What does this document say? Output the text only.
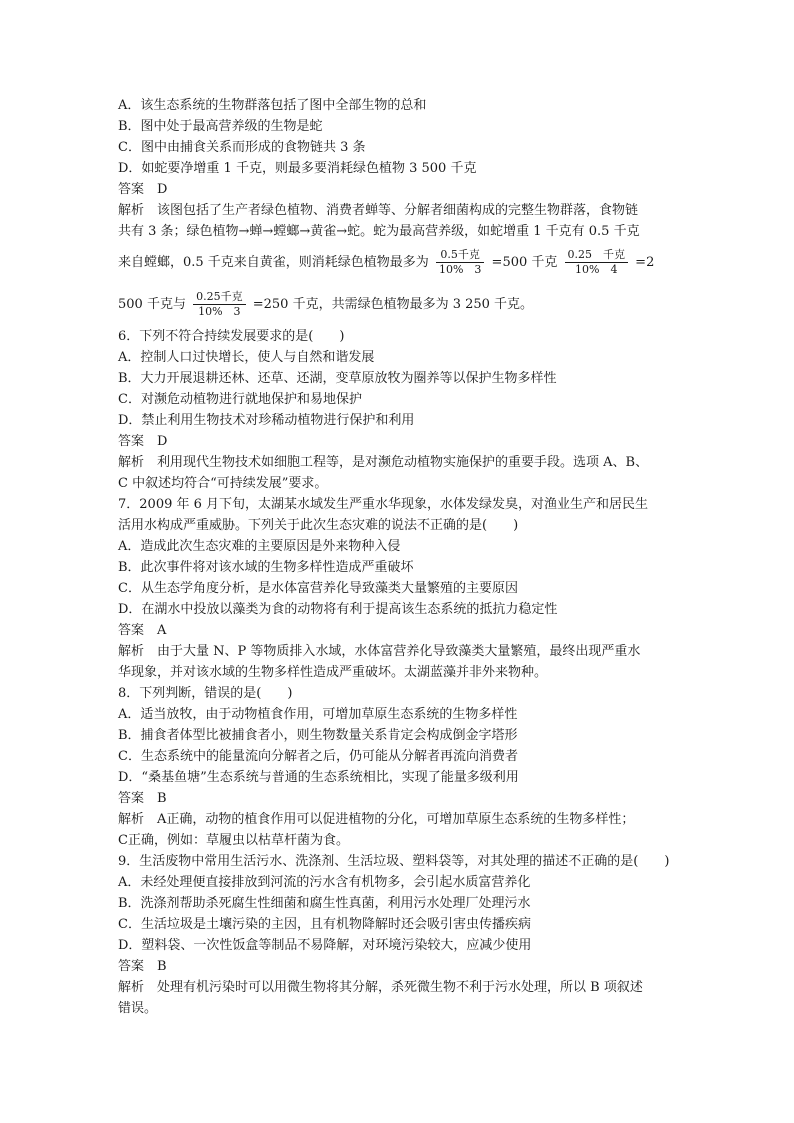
A．该生态系统的生物群落包括了图中全部生物的总和
B．图中处于最高营养级的生物是蛇
C．图中由捕食关系而形成的食物链共 3 条
D．如蛇要净增重 1 千克，则最多要消耗绿色植物 3 500 千克
答案　D
解析　该图包括了生产者绿色植物、消费者蝉等、分解者细菌构成的完整生物群落，食物链
共有 3 条；绿色植物→蝉→螳螂→黄雀→蛇。蛇为最高营养级，如蛇增重 1 千克有 0.5 千克
来自螳螂，0.5 千克来自黄雀，则消耗绿色植物最多为 $\frac{\text{0.5千克}}{10\% 3} =500$ 千克 $\frac{\text{0.25　千克}}{10\% 4} =2$
500 千克与 $\frac{\text{0.25千克}}{10\% 3} =250$ 千克，共需绿色植物最多为 3 250 千克。
6．下列不符合持续发展要求的是(　　)
A．控制人口过快增长，使人与自然和谐发展
B．大力开展退耕还林、还草、还湖，变草原放牧为圈养等以保护生物多样性
C．对濒危动植物进行就地保护和易地保护
D．禁止利用生物技术对珍稀动植物进行保护和利用
答案　D
解析　利用现代生物技术如细胞工程等，是对濒危动植物实施保护的重要手段。选项 A、B、
C 中叙述均符合“可持续发展”要求。
7．2009 年 6 月下旬，太湖某水域发生严重水华现象，水体发绿发臭，对渔业生产和居民生
活用水构成严重威胁。下列关于此次生态灾难的说法不正确的是(　　)
A．造成此次生态灾难的主要原因是外来物种入侵
B．此次事件将对该水域的生物多样性造成严重破坏
C．从生态学角度分析，是水体富营养化导致藻类大量繁殖的主要原因
D．在湖水中投放以藻类为食的动物将有利于提高该生态系统的抵抗力稳定性
答案　A
解析　由于大量 N、P 等物质排入水域，水体富营养化导致藻类大量繁殖，最终出现严重水
华现象，并对该水域的生物多样性造成严重破坏。太湖蓝藻并非外来物种。
8．下列判断，错误的是(　　)
A．适当放牧，由于动物植食作用，可增加草原生态系统的生物多样性
B．捕食者体型比被捕食者小，则生物数量关系肯定会构成倒金字塔形
C．生态系统中的能量流向分解者之后，仍可能从分解者再流向消费者
D．“桑基鱼塘”生态系统与普通的生态系统相比，实现了能量多级利用
答案　B
解析　A正确，动物的植食作用可以促进植物的分化，可增加草原生态系统的生物多样性；
C正确，例如：草履虫以枯草杆菌为食。
9．生活废物中常用生活污水、洗涤剂、生活垃圾、塑料袋等，对其处理的描述不正确的是(　　)
A．未经处理便直接排放到河流的污水含有机物多，会引起水质富营养化
B．洗涤剂帮助杀死腐生性细菌和腐生性真菌，利用污水处理厂处理污水
C．生活垃圾是土壤污染的主因，且有机物降解时还会吸引害虫传播疾病
D．塑料袋、一次性饭盒等制品不易降解，对环境污染较大，应减少使用
答案　B
解析　处理有机污染时可以用微生物将其分解，杀死微生物不利于污水处理，所以 B 项叙述
错误。
